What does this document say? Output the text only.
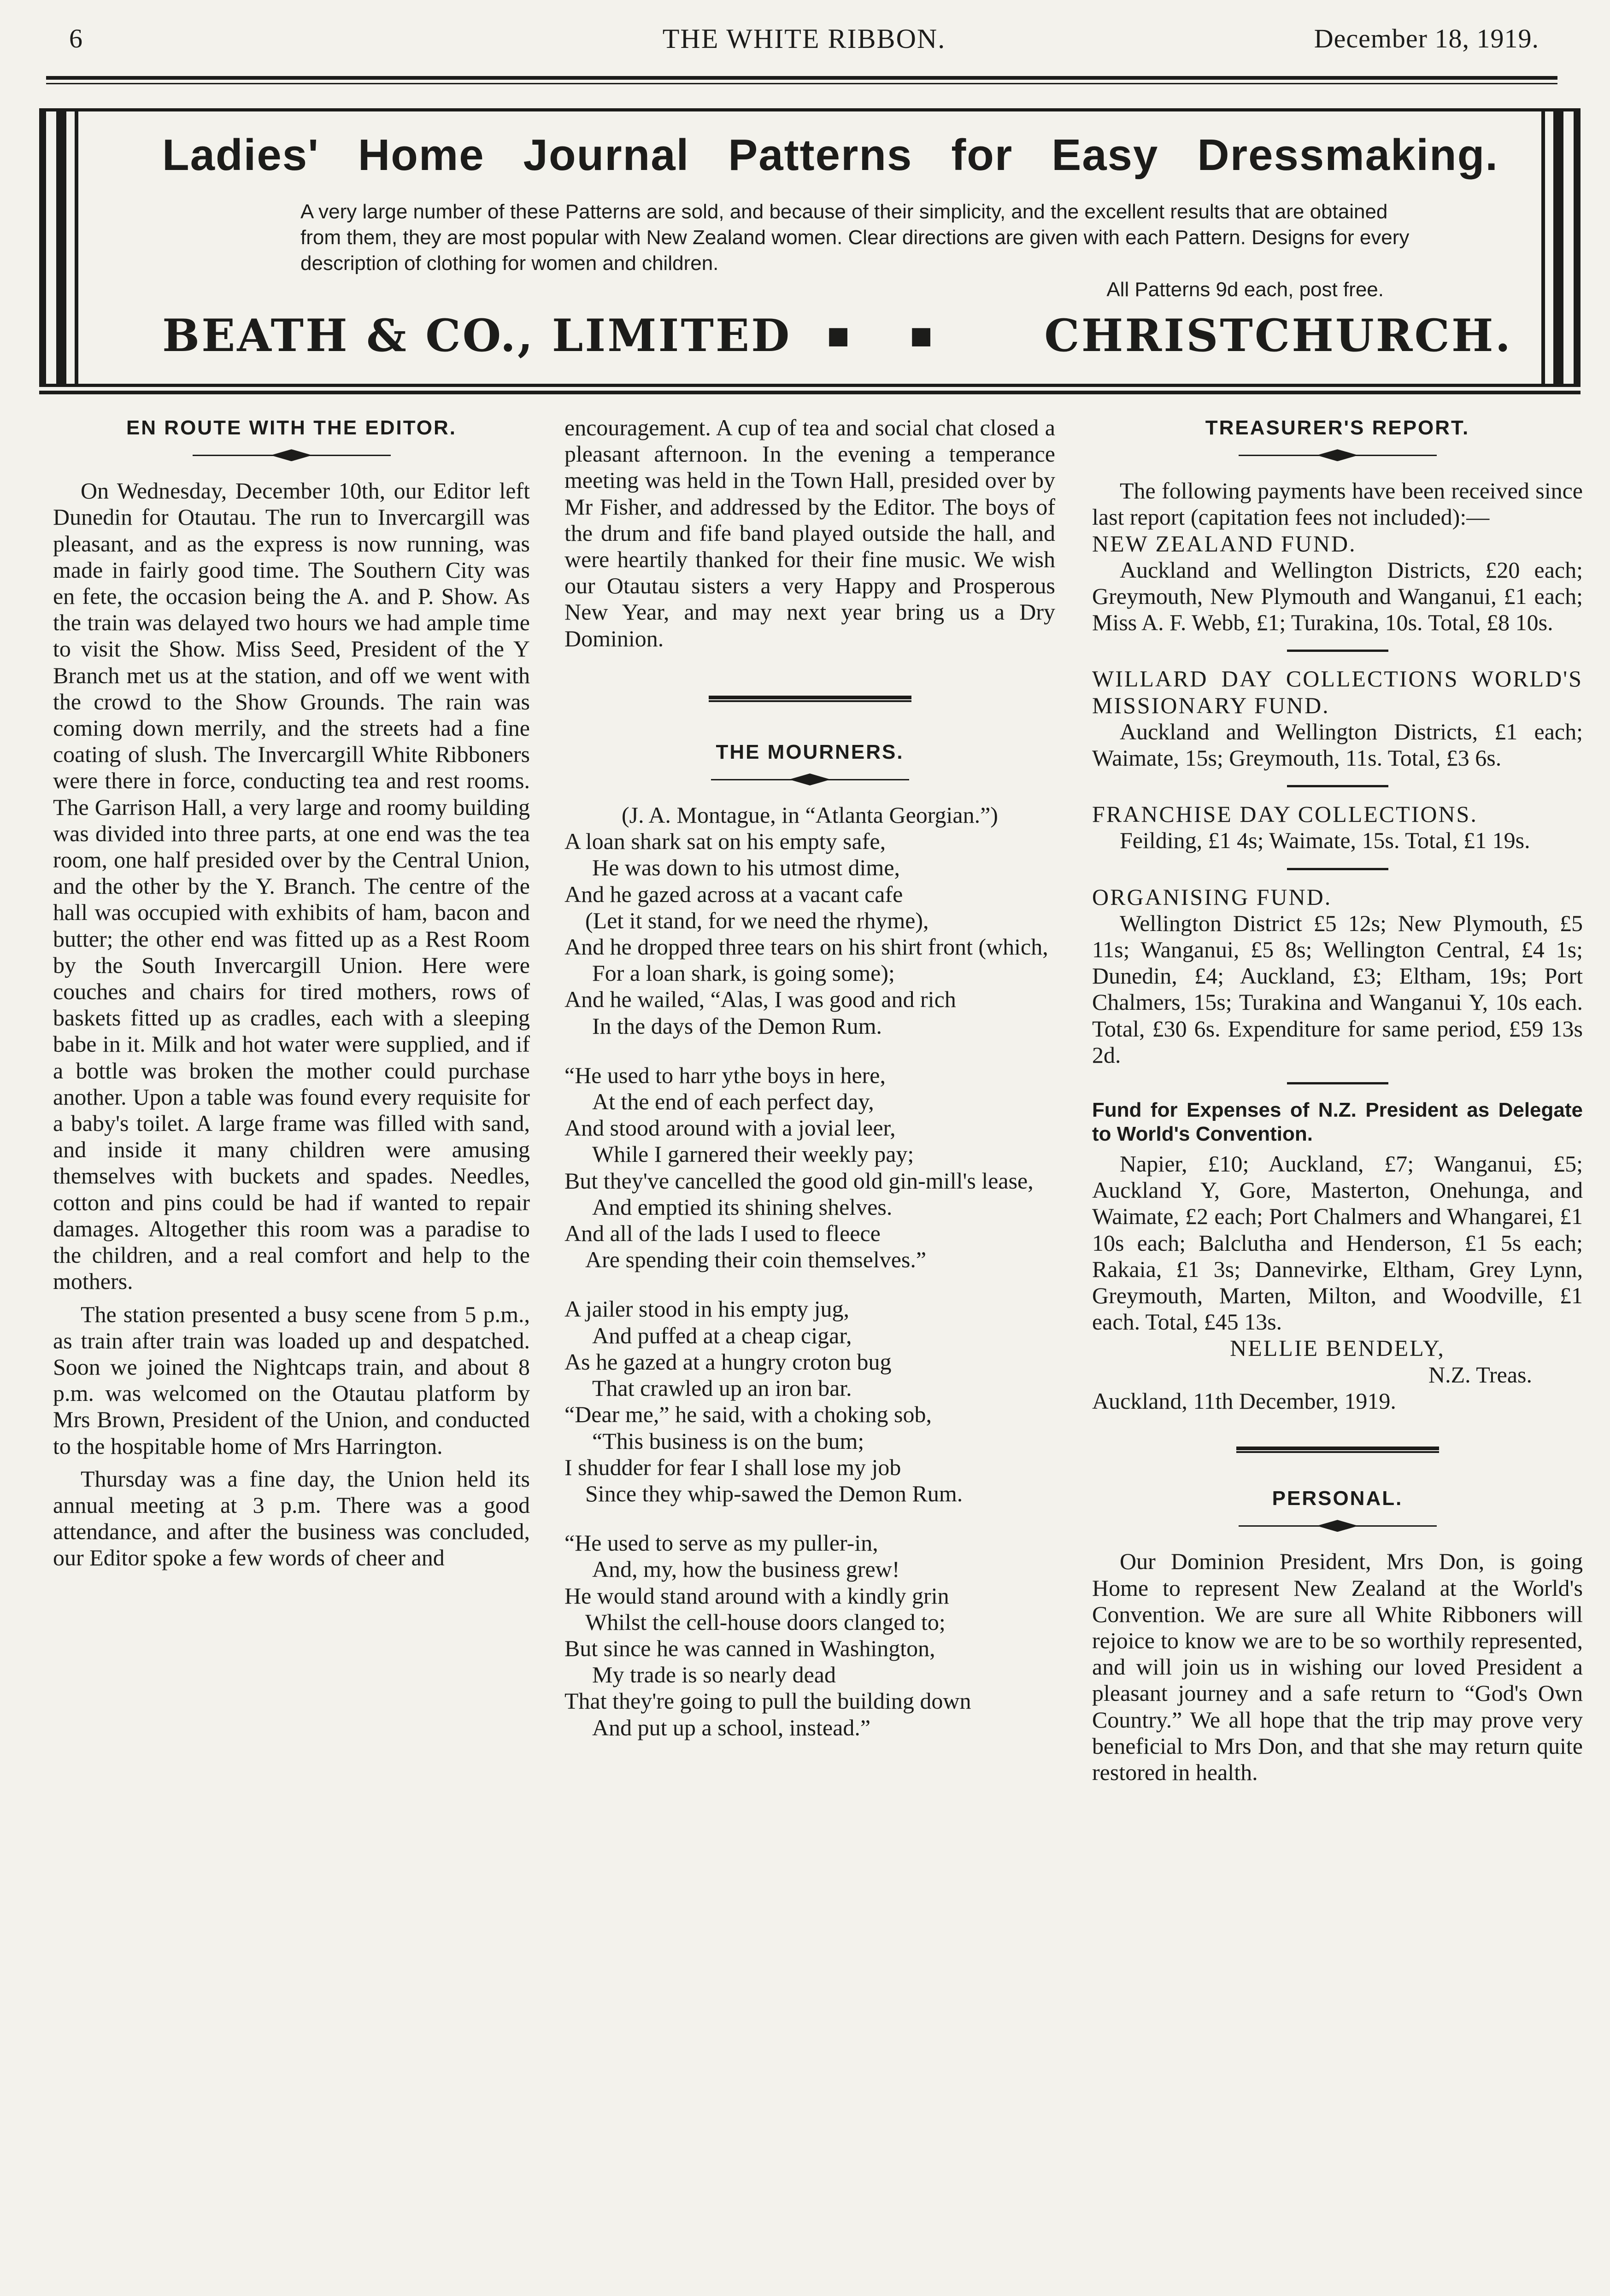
6	THE WHITE RIBBON.	December 18, 1919.
Ladies' Home Journal Patterns for Easy Dressmaking.
A very large number of these Patterns are sold, and because of their simplicity, and the excellent results that are obtained from them, they are most popular with New Zealand women. Clear directions are given with each Pattern. Designs for every description of clothing for women and children.
All Patterns 9d each, post free.
BEATH & CO., LIMITED ▪ ▪ CHRISTCHURCH.
EN ROUTE WITH THE EDITOR.

On Wednesday, December 10th, our Editor left Dunedin for Otautau. The run to Invercargill was pleasant, and as the express is now running, was made in fairly good time. The Southern City was en fete, the occasion being the A. and P. Show. As the train was delayed two hours we had ample time to visit the Show. Miss Seed, President of the Y Branch met us at the station, and off we went with the crowd to the Show Grounds. The rain was coming down merrily, and the streets had a fine coating of slush. The Invercargill White Ribboners were there in force, conducting tea and rest rooms. The Garrison Hall, a very large and roomy building was divided into three parts, at one end was the tea room, one half presided over by the Central Union, and the other by the Y. Branch. The centre of the hall was occupied with exhibits of ham, bacon and butter; the other end was fitted up as a Rest Room by the South Invercargill Union. Here were couches and chairs for tired mothers, rows of baskets fitted up as cradles, each with a sleeping babe in it. Milk and hot water were supplied, and if a bottle was broken the mother could purchase another. Upon a table was found every requisite for a baby's toilet. A large frame was filled with sand, and inside it many children were amusing themselves with buckets and spades. Needles, cotton and pins could be had if wanted to repair damages. Altogether this room was a paradise to the children, and a real comfort and help to the mothers.

The station presented a busy scene from 5 p.m., as train after train was loaded up and despatched. Soon we joined the Nightcaps train, and about 8 p.m. was welcomed on the Otautau platform by Mrs Brown, President of the Union, and conducted to the hospitable home of Mrs Harrington.

Thursday was a fine day, the Union held its annual meeting at 3 p.m. There was a good attendance, and after the business was concluded, our Editor spoke a few words of cheer and

encouragement. A cup of tea and social chat closed a pleasant afternoon. In the evening a temperance meeting was held in the Town Hall, presided over by Mr Fisher, and addressed by the Editor. The boys of the drum and fife band played outside the hall, and were heartily thanked for their fine music. We wish our Otautau sisters a very Happy and Prosperous New Year, and may next year bring us a Dry Dominion.

THE MOURNERS.

(J. A. Montague, in “Atlanta Georgian.”)

A loan shark sat on his empty safe,

He was down to his utmost dime,

And he gazed across at a vacant cafe

(Let it stand, for we need the rhyme),

And he dropped three tears on his shirt front (which,

For a loan shark, is going some);

And he wailed, “Alas, I was good and rich

In the days of the Demon Rum.

“He used to harr ythe boys in here,

At the end of each perfect day,

And stood around with a jovial leer,

While I garnered their weekly pay;

But they've cancelled the good old gin-mill's lease,

And emptied its shining shelves.

And all of the lads I used to fleece

Are spending their coin themselves.”

A jailer stood in his empty jug,

And puffed at a cheap cigar,

As he gazed at a hungry croton bug

That crawled up an iron bar.

“Dear me,” he said, with a choking sob,

“This business is on the bum;

I shudder for fear I shall lose my job

Since they whip-sawed the Demon Rum.

“He used to serve as my puller-in,

And, my, how the business grew!

He would stand around with a kindly grin

Whilst the cell-house doors clanged to;

But since he was canned in Washington,

My trade is so nearly dead

That they're going to pull the building down

And put up a school, instead.”

TREASURER'S REPORT.

The following payments have been received since last report (capitation fees not included):—

NEW ZEALAND FUND.

Auckland and Wellington Districts, £20 each; Greymouth, New Plymouth and Wanganui, £1 each; Miss A. F. Webb, £1; Turakina, 10s. Total, £8 10s.

WILLARD DAY COLLECTIONS WORLD'S MISSIONARY FUND.

Auckland and Wellington Districts, £1 each; Waimate, 15s; Greymouth, 11s. Total, £3 6s.

FRANCHISE DAY COLLECTIONS.

Feilding, £1 4s; Waimate, 15s. Total, £1 19s.

ORGANISING FUND.

Wellington District £5 12s; New Plymouth, £5 11s; Wanganui, £5 8s; Wellington Central, £4 1s; Dunedin, £4; Auckland, £3; Eltham, 19s; Port Chalmers, 15s; Turakina and Wanganui Y, 10s each. Total, £30 6s. Expenditure for same period, £59 13s 2d.

Fund for Expenses of N.Z. President as Delegate to World's Convention.

Napier, £10; Auckland, £7; Wanganui, £5; Auckland Y, Gore, Masterton, Onehunga, and Waimate, £2 each; Port Chalmers and Whangarei, £1 10s each; Balclutha and Henderson, £1 5s each; Rakaia, £1 3s; Dannevirke, Eltham, Grey Lynn, Greymouth, Marten, Milton, and Woodville, £1 each. Total, £45 13s.

NELLIE BENDELY,

N.Z. Treas.

Auckland, 11th December, 1919.

PERSONAL.

Our Dominion President, Mrs Don, is going Home to represent New Zealand at the World's Convention. We are sure all White Ribboners will rejoice to know we are to be so worthily represented, and will join us in wishing our loved President a pleasant journey and a safe return to “God's Own Country.” We all hope that the trip may prove very beneficial to Mrs Don, and that she may return quite restored in health.
